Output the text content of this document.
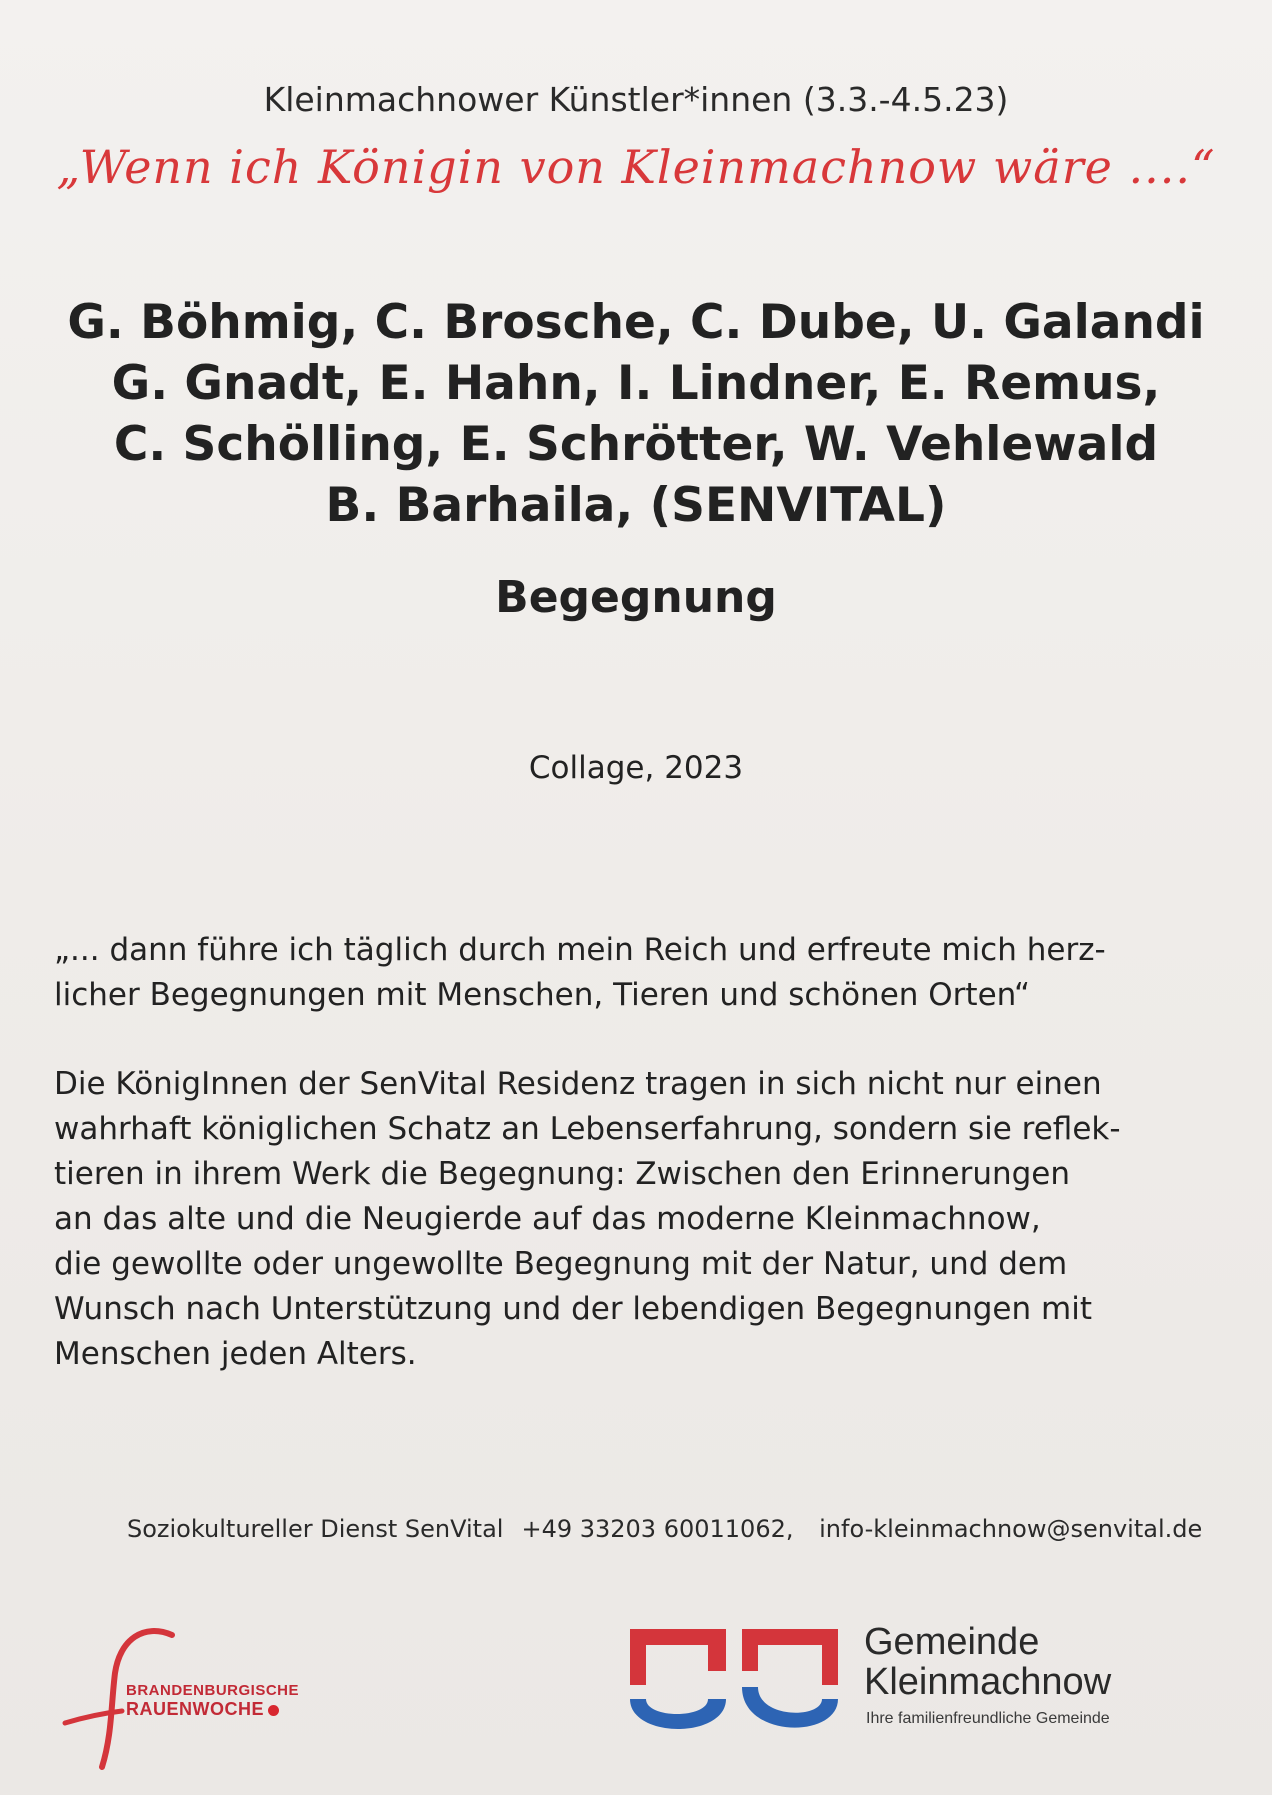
Kleinmachnower Künstler*innen (3.3.-4.5.23)
„Wenn ich Königin von Kleinmachnow wäre ....“
G. Böhmig, C. Brosche, C. Dube, U. Galandi
G. Gnadt, E. Hahn, I. Lindner, E. Remus,
C. Schölling, E. Schrötter, W. Vehlewald
B. Barhaila, (SENVITAL)
Begegnung
Collage, 2023
„... dann führe ich täglich durch mein Reich und erfreute mich herz-
licher Begegnungen mit Menschen, Tieren und schönen Orten“
Die KönigInnen der SenVital Residenz tragen in sich nicht nur einen
wahrhaft königlichen Schatz an Lebenserfahrung, sondern sie reflek-
tieren in ihrem Werk die Begegnung: Zwischen den Erinnerungen
an das alte und die Neugierde auf das moderne Kleinmachnow,
die gewollte oder ungewollte Begegnung mit der Natur, und dem
Wunsch nach Unterstützung und der lebendigen Begegnungen mit
Menschen jeden Alters.
Soziokultureller Dienst SenVital +49 33203 60011062, info-kleinmachnow@senvital.de
BRANDENBURGISCHE
RAUENWOCHE
Gemeinde
Kleinmachnow
Ihre familienfreundliche Gemeinde
